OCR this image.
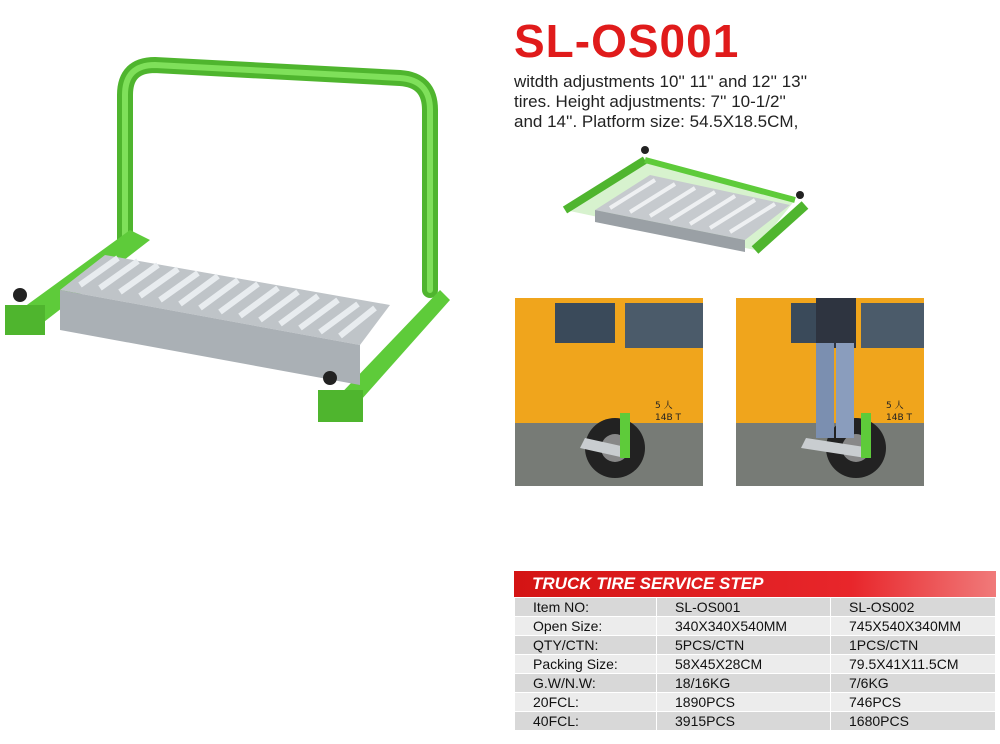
SL-OS001
witdth adjustments 10'' 11'' and 12'' 13''
tires. Height adjustments: 7'' 10-1/2''
and 14''. Platform size: 54.5X18.5CM,
5 人
14B T
5 人
14B T
TRUCK TIRE SERVICE STEP
Item NO:	SL-OS001	SL-OS002
Open Size:	340X340X540MM	745X540X340MM
QTY/CTN:	5PCS/CTN	1PCS/CTN
Packing Size:	58X45X28CM	79.5X41X11.5CM
G.W/N.W:	18/16KG	7/6KG
20FCL:	1890PCS	746PCS
40FCL:	3915PCS	1680PCS
